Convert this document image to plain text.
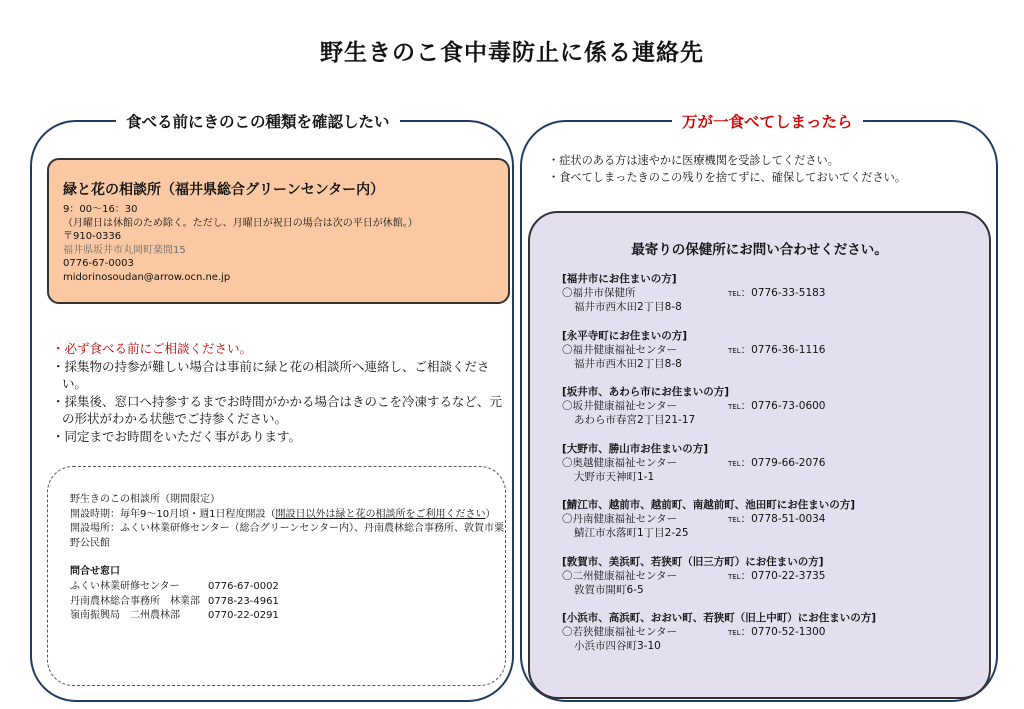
野生きのこ食中毒防止に係る連絡先
食べる前にきのこの種類を確認したい
緑と花の相談所（福井県総合グリーンセンター内）
9：00～16：30
（月曜日は休館のため除く。ただし、月曜日が祝日の場合は次の平日が休館。）
〒910-0336
福井県坂井市丸岡町楽間15
0776-67-0003
midorinosoudan@arrow.ocn.ne.jp
・必ず食べる前にご相談ください。
・採集物の持参が難しい場合は事前に緑と花の相談所へ連絡し、ご相談ください。
・採集後、窓口へ持参するまでお時間がかかる場合はきのこを冷凍するなど、元の形状がわかる状態でご持参ください。
・同定までお時間をいただく事があります。
野生きのこの相談所（期間限定）
開設時期：毎年9～10月頃・週1日程度開設（開設日以外は緑と花の相談所をご利用ください）
開設場所：ふくい林業研修センター（総合グリーンセンター内）、丹南農林総合事務所、敦賀市粟野公民館
問合せ窓口
ふくい林業研修センター	0776-67-0002
丹南農林総合事務所　林業部 0778-23-4961
嶺南振興局　二州農林部	0770-22-0291
万が一食べてしまったら
・症状のある方は速やかに医療機関を受診してください。
・食べてしまったきのこの残りを捨てずに、確保しておいてください。
最寄りの保健所にお問い合わせください。
[福井市にお住まいの方]
〇福井市保健所	TEL：0776-33-5183
福井市西木田2丁目8-8
[永平寺町にお住まいの方]
〇福井健康福祉センター	TEL：0776-36-1116
福井市西木田2丁目8-8
[坂井市、あわら市にお住まいの方]
〇坂井健康福祉センター	TEL：0776-73-0600
あわら市春宮2丁目21-17
[大野市、勝山市お住まいの方]
〇奥越健康福祉センター	TEL：0779-66-2076
大野市天神町1-1
[鯖江市、越前市、越前町、南越前町、池田町にお住まいの方]
〇丹南健康福祉センター	TEL：0778-51-0034
鯖江市水落町1丁目2-25
[敦賀市、美浜町、若狭町（旧三方町）にお住まいの方]
〇二州健康福祉センター	TEL：0770-22-3735
敦賀市開町6-5
[小浜市、高浜町、おおい町、若狭町（旧上中町）にお住まいの方]
〇若狭健康福祉センター	TEL：0770-52-1300
小浜市四谷町3-10
